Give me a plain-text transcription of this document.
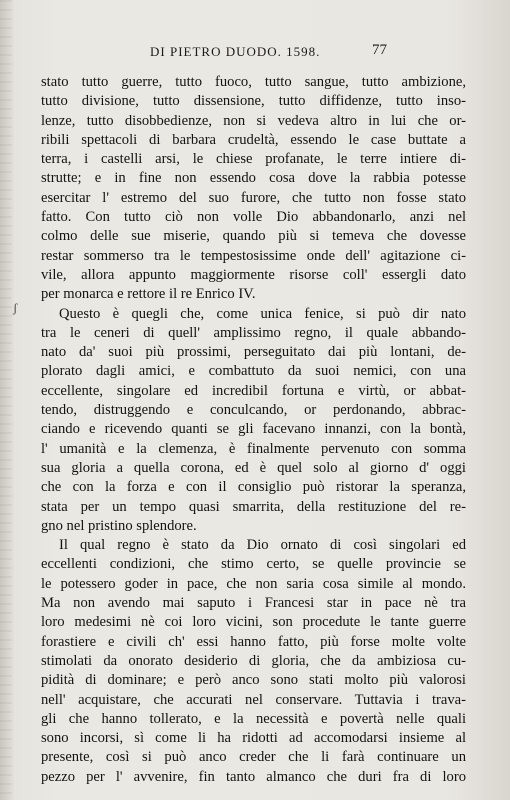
DI PIETRO DUODO. 1598.	77
ʃ
stato tutto guerre, tutto fuoco, tutto sangue, tutto ambizione,
tutto divisione, tutto dissensione, tutto diffidenze, tutto inso-
lenze, tutto disobbedienze, non si vedeva altro in lui che or-
ribili spettacoli di barbara crudeltà, essendo le case buttate a
terra, i castelli arsi, le chiese profanate, le terre intiere di-
strutte; e in fine non essendo cosa dove la rabbia potesse
esercitar l' estremo del suo furore, che tutto non fosse stato
fatto. Con tutto ciò non volle Dio abbandonarlo, anzi nel
colmo delle sue miserie, quando più si temeva che dovesse
restar sommerso tra le tempestosissime onde dell' agitazione ci-
vile, allora appunto maggiormente risorse coll' essergli dato
per monarca e rettore il re Enrico IV.
Questo è quegli che, come unica fenice, si può dir nato
tra le ceneri di quell' amplissimo regno, il quale abbando-
nato da' suoi più prossimi, perseguitato dai più lontani, de-
plorato dagli amici, e combattuto da suoi nemici, con una
eccellente, singolare ed incredibil fortuna e virtù, or abbat-
tendo, distruggendo e conculcando, or perdonando, abbrac-
ciando e ricevendo quanti se gli facevano innanzi, con la bontà,
l' umanità e la clemenza, è finalmente pervenuto con somma
sua gloria a quella corona, ed è quel solo al giorno d' oggi
che con la forza e con il consiglio può ristorar la speranza,
stata per un tempo quasi smarrita, della restituzione del re-
gno nel pristino splendore.
Il qual regno è stato da Dio ornato di così singolari ed
eccellenti condizioni, che stimo certo, se quelle provincie se
le potessero goder in pace, che non saria cosa simile al mondo.
Ma non avendo mai saputo i Francesi star in pace nè tra
loro medesimi nè coi loro vicini, son procedute le tante guerre
forastiere e civili ch' essi hanno fatto, più forse molte volte
stimolati da onorato desiderio di gloria, che da ambiziosa cu-
pidità di dominare; e però anco sono stati molto più valorosi
nell' acquistare, che accurati nel conservare. Tuttavia i trava-
gli che hanno tollerato, e la necessità e povertà nelle quali
sono incorsi, sì come li ha ridotti ad accomodarsi insieme al
presente, così si può anco creder che li farà continuare un
pezzo per l' avvenire, fin tanto almanco che duri fra di loro
